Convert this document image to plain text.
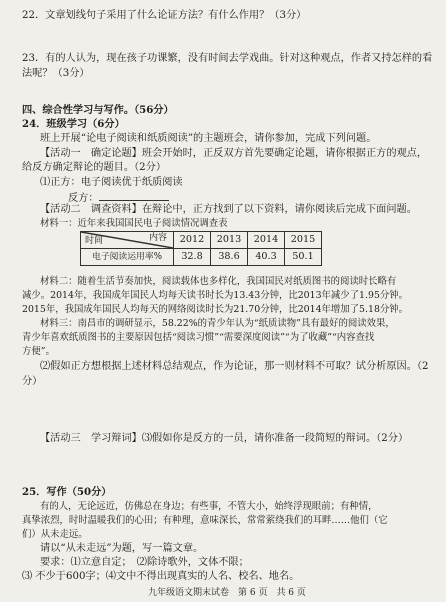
22．文章划线句子采用了什么论证方法？有什么作用？（3分）
23．有的人认为，现在孩子功课繁，没有时间去学戏曲。针对这种观点，作者又持怎样的看
法呢？（3分）
四、综合性学习与写作。（56分）
24．班级学习（6分）
班上开展“论电子阅读和纸质阅读”的主题班会，请你参加，完成下列问题。
【活动一　确定论题】班会开始时，正反双方首先要确定论题，请你根据正方的观点，
给反方确定辩论的题目。（2分）
⑴正方：电子阅读优于纸质阅读
反方：
【活动二　调查资料】在辩论中，正方找到了以下资料，请你阅读后完成下面问题。
材料一：近年来我国国民电子阅读情况调查表
内容
时间	2012	2013	2014	2015
电子阅读运用率%	32.8	38.6	40.3	50.1
材料二：随着生活节奏加快，阅读载体也多样化，我国国民对纸质图书的阅读时长略有
减少。2014年，我国成年国民人均每天读书时长为13.43分钟，比2013年减少了1.95分钟。
2015年，我国成年国民人均每天的网络阅读时长为21.70分钟，比2014年增加了5.18分钟。
材料三：南昌市的调研显示，58.22%的青少年认为“纸质读物”具有最好的阅读效果，
青少年喜欢纸质图书的主要原因包括“阅读习惯”“需要深度阅读”“为了收藏”“内容查找
方便”。
⑵假如正方想根据上述材料总结观点，作为论证，那一则材料不可取？试分析原因。（2
分）
【活动三　学习辩词】⑶假如你是反方的一员，请你准备一段简短的辩词。（2分）
25．写作（50分）
有的人，无论远近，仿佛总在身边；有些事，不管大小，始终浮现眼前；有种情，
真挚浓烈，时时温暖我们的心田；有种理，意味深长，常常萦绕我们的耳畔……他们（它
们）从未走远。
请以“从未走远”为题，写一篇文章。
要求：⑴立意自定；　⑵除诗歌外，文体不限；
⑶ 不少于600字；⑷文中不得出现真实的人名、校名、地名。
九年级语文期末试卷　第 6 页　共 6 页
